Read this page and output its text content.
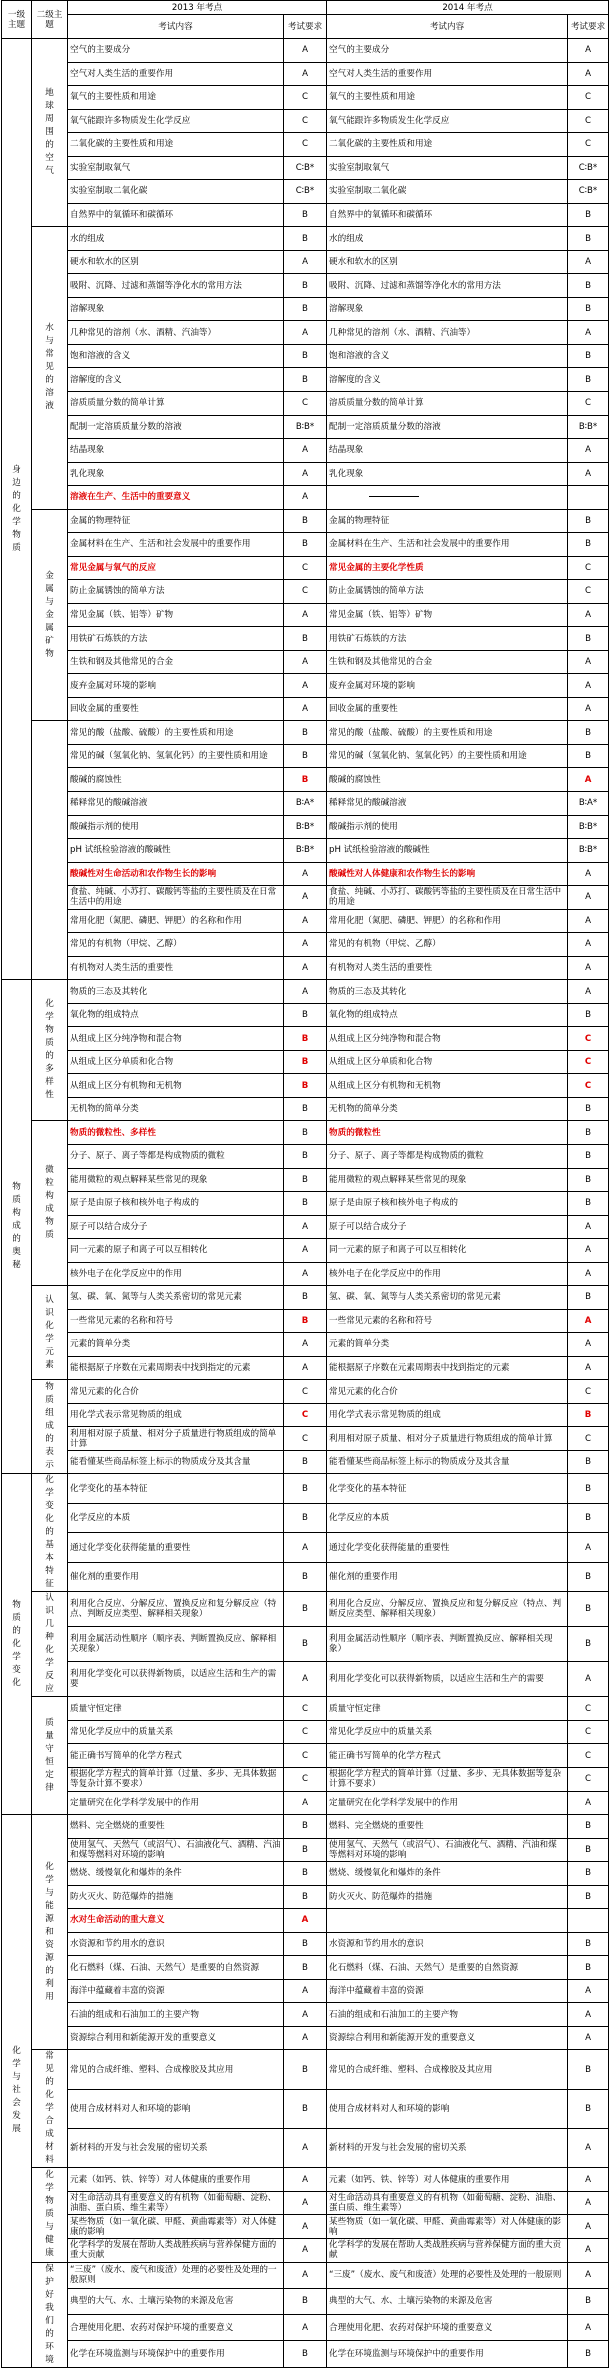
一级主题	二级主题	2013 年考点		2014 年考点	
		考试内容	考试要求	考试内容	考试要求
身边的化学物质	地球周围的空气	空气的主要成分	A	空气的主要成分	A
		空气对人类生活的重要作用	A	空气对人类生活的重要作用	A
		氧气的主要性质和用途	C	氧气的主要性质和用途	C
		氧气能跟许多物质发生化学反应	C	氧气能跟许多物质发生化学反应	C
		二氧化碳的主要性质和用途	C	二氧化碳的主要性质和用途	C
		实验室制取氧气	C∶B*	实验室制取氧气	C∶B*
		实验室制取二氧化碳	C∶B*	实验室制取二氧化碳	C∶B*
		自然界中的氧循环和碳循环	B	自然界中的氧循环和碳循环	B
	水与常见的溶液	水的组成	B	水的组成	B
		硬水和软水的区别	A	硬水和软水的区别	A
		吸附、沉降、过滤和蒸馏等净化水的常用方法	B	吸附、沉降、过滤和蒸馏等净化水的常用方法	B
		溶解现象	B	溶解现象	B
		几种常见的溶剂（水、酒精、汽油等）	A	几种常见的溶剂（水、酒精、汽油等）	A
		饱和溶液的含义	B	饱和溶液的含义	B
		溶解度的含义	B	溶解度的含义	B
		溶质质量分数的简单计算	C	溶质质量分数的简单计算	C
		配制一定溶质质量分数的溶液	B∶B*	配制一定溶质质量分数的溶液	B∶B*
		结晶现象	A	结晶现象	A
		乳化现象	A	乳化现象	A
		溶液在生产、生活中的重要意义	A		
	金属与金属矿物	金属的物理特征	B	金属的物理特征	B
		金属材料在生产、生活和社会发展中的重要作用	B	金属材料在生产、生活和社会发展中的重要作用	B
		常见金属与氧气的反应	C	常见金属的主要化学性质	C
		防止金属锈蚀的简单方法	C	防止金属锈蚀的简单方法	C
		常见金属（铁、铝等）矿物	A	常见金属（铁、铝等）矿物	A
		用铁矿石炼铁的方法	B	用铁矿石炼铁的方法	B
		生铁和钢及其他常见的合金	A	生铁和钢及其他常见的合金	A
		废弃金属对环境的影响	A	废弃金属对环境的影响	A
		回收金属的重要性	A	回收金属的重要性	A
		常见的酸（盐酸、硫酸）的主要性质和用途	B	常见的酸（盐酸、硫酸）的主要性质和用途	B
		常见的碱（氢氧化钠、氢氧化钙）的主要性质和用途	B	常见的碱（氢氧化钠、氢氧化钙）的主要性质和用途	B
		酸碱的腐蚀性	B	酸碱的腐蚀性	A
		稀释常见的酸碱溶液	B∶A*	稀释常见的酸碱溶液	B∶A*
		酸碱指示剂的使用	B∶B*	酸碱指示剂的使用	B∶B*
		pH 试纸检验溶液的酸碱性	B∶B*	pH 试纸检验溶液的酸碱性	B∶B*
		酸碱性对生命活动和农作物生长的影响	A	酸碱性对人体健康和农作物生长的影响	A
		食盐、纯碱、小苏打、碳酸钙等盐的主要性质及在日常生活中的用途	A	食盐、纯碱、小苏打、碳酸钙等盐的主要性质及在日常生活中的用途	A
		常用化肥（氮肥、磷肥、钾肥）的名称和作用	A	常用化肥（氮肥、磷肥、钾肥）的名称和作用	A
		常见的有机物（甲烷、乙醇）	A	常见的有机物（甲烷、乙醇）	A
		有机物对人类生活的重要性	A	有机物对人类生活的重要性	A
物质构成的奥秘	化学物质的多样性	物质的三态及其转化	A	物质的三态及其转化	A
		氧化物的组成特点	B	氧化物的组成特点	B
		从组成上区分纯净物和混合物	B	从组成上区分纯净物和混合物	C
		从组成上区分单质和化合物	B	从组成上区分单质和化合物	C
		从组成上区分有机物和无机物	B	从组成上区分有机物和无机物	C
		无机物的简单分类	B	无机物的简单分类	B
	微粒构成物质	物质的微粒性、多样性	B	物质的微粒性	B
		分子、原子、离子等都是构成物质的微粒	B	分子、原子、离子等都是构成物质的微粒	B
		能用微粒的观点解释某些常见的现象	B	能用微粒的观点解释某些常见的现象	B
		原子是由原子核和核外电子构成的	B	原子是由原子核和核外电子构成的	B
		原子可以结合成分子	A	原子可以结合成分子	A
		同一元素的原子和离子可以互相转化	A	同一元素的原子和离子可以互相转化	A
		核外电子在化学反应中的作用	A	核外电子在化学反应中的作用	A
	认识化学元素	氢、碳、氧、氮等与人类关系密切的常见元素	B	氢、碳、氧、氮等与人类关系密切的常见元素	B
		一些常见元素的名称和符号	B	一些常见元素的名称和符号	A
		元素的简单分类	A	元素的简单分类	A
		能根据原子序数在元素周期表中找到指定的元素	A	能根据原子序数在元素周期表中找到指定的元素	A
	物质组成的表示	常见元素的化合价	C	常见元素的化合价	C
		用化学式表示常见物质的组成	C	用化学式表示常见物质的组成	B
		利用相对原子质量、相对分子质量进行物质组成的简单计算	C	利用相对原子质量、相对分子质量进行物质组成的简单计算	C
		能看懂某些商品标签上标示的物质成分及其含量	B	能看懂某些商品标签上标示的物质成分及其含量	B
物质的化学变化	化学变化的基本特征	化学变化的基本特征	B	化学变化的基本特征	B
		化学反应的本质	B	化学反应的本质	B
		通过化学变化获得能量的重要性	A	通过化学变化获得能量的重要性	A
		催化剂的重要作用	B	催化剂的重要作用	B
	认识几种化学反应	利用化合反应、分解反应、置换反应和复分解反应（特点、判断反应类型、解释相关现象）	B	利用化合反应、分解反应、置换反应和复分解反应（特点、判断反应类型、解释相关现象）	B
		利用金属活动性顺序（顺序表、判断置换反应、解释相关现象）	B	利用金属活动性顺序（顺序表、判断置换反应、解释相关现象）	B
		利用化学变化可以获得新物质，以适应生活和生产的需要	A	利用化学变化可以获得新物质，以适应生活和生产的需要	A
	质量守恒定律	质量守恒定律	C	质量守恒定律	C
		常见化学反应中的质量关系	C	常见化学反应中的质量关系	C
		能正确书写简单的化学方程式	C	能正确书写简单的化学方程式	C
		根据化学方程式的简单计算（过量、多步、无具体数据等复杂计算不要求）	C	根据化学方程式的简单计算（过量、多步、无具体数据等复杂计算不要求）	C
		定量研究在化学科学发展中的作用	A	定量研究在化学科学发展中的作用	A
化学与社会发展	化学与能源和资源的利用	燃料、完全燃烧的重要性	B	燃料、完全燃烧的重要性	B
		使用氢气、天然气（或沼气）、石油液化气、酒精、汽油和煤等燃料对环境的影响	B	使用氢气、天然气（或沼气）、石油液化气、酒精、汽油和煤等燃料对环境的影响	B
		燃烧、缓慢氧化和爆炸的条件	B	燃烧、缓慢氧化和爆炸的条件	B
		防火灭火、防范爆炸的措施	B	防火灭火、防范爆炸的措施	B
		水对生命活动的重大意义	A		
		水资源和节约用水的意识	B	水资源和节约用水的意识	B
		化石燃料（煤、石油、天然气）是重要的自然资源	B	化石燃料（煤、石油、天然气）是重要的自然资源	B
		海洋中蕴藏着丰富的资源	A	海洋中蕴藏着丰富的资源	A
		石油的组成和石油加工的主要产物	A	石油的组成和石油加工的主要产物	A
		资源综合利用和新能源开发的重要意义	A	资源综合利用和新能源开发的重要意义	A
	常见的化学合成材料	常见的合成纤维、塑料、合成橡胶及其应用	B	常见的合成纤维、塑料、合成橡胶及其应用	B
		使用合成材料对人和环境的影响	B	使用合成材料对人和环境的影响	B
		新材料的开发与社会发展的密切关系	A	新材料的开发与社会发展的密切关系	A
	化学物质与健康	元素（如钙、铁、锌等）对人体健康的重要作用	A	元素（如钙、铁、锌等）对人体健康的重要作用	A
		对生命活动具有重要意义的有机物（如葡萄糖、淀粉、油脂、蛋白质、维生素等）	A	对生命活动具有重要意义的有机物（如葡萄糖、淀粉、油脂、蛋白质、维生素等）	A
		某些物质（如一氧化碳、甲醛、黄曲霉素等）对人体健康的影响	A	某些物质（如一氧化碳、甲醛、黄曲霉素等）对人体健康的影响	A
		化学科学的发展在帮助人类战胜疾病与营养保健方面的重大贡献	A	化学科学的发展在帮助人类战胜疾病与营养保健方面的重大贡献	A
	保护好我们的环境	“三废”（废水、废气和废渣）处理的必要性及处理的一般原则	A	“三废”（废水、废气和废渣）处理的必要性及处理的一般原则	A
		典型的大气、水、土壤污染物的来源及危害	B	典型的大气、水、土壤污染物的来源及危害	B
		合理使用化肥、农药对保护环境的重要意义	A	合理使用化肥、农药对保护环境的重要意义	A
		化学在环境监测与环境保护中的重要作用	B	化学在环境监测与环境保护中的重要作用	B
